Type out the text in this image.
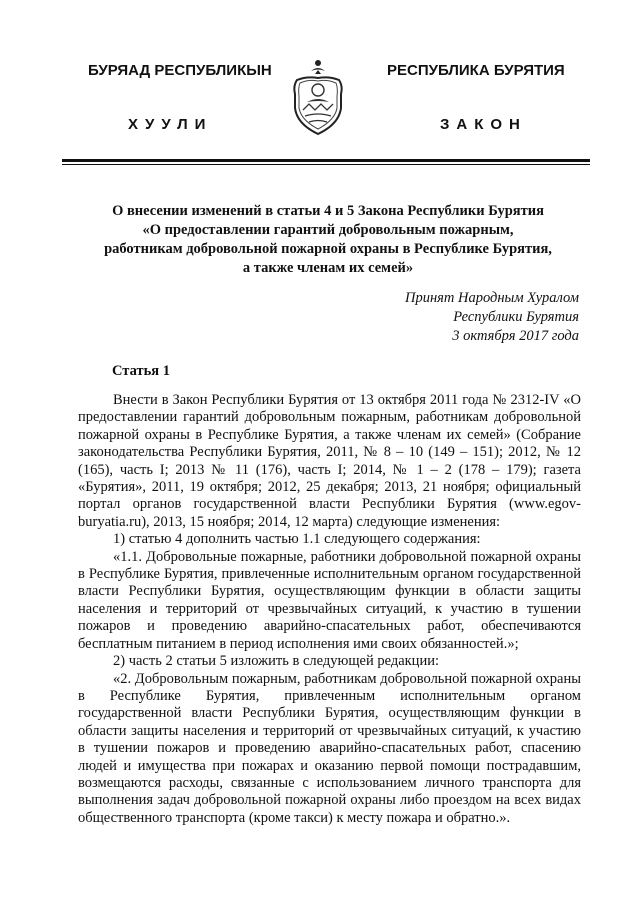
БУРЯАД РЕСПУБЛИКЫН	РЕСПУБЛИКА БУРЯТИЯ
ХУУЛИ	ЗАКОН
О внесении изменений в статьи 4 и 5 Закона Республики Бурятия
«О предоставлении гарантий добровольным пожарным,
работникам добровольной пожарной охраны в Республике Бурятия,
а также членам их семей»
Принят Народным Хуралом
Республики Бурятия
3 октября 2017 года
Статья 1

Внести в Закон Республики Бурятия от 13 октября 2011 года № 2312-IV «О предоставлении гарантий добровольным пожарным, работникам добровольной пожарной охраны в Республике Бурятия, а также членам их семей» (Собрание законодательства Республики Бурятия, 2011, № 8 – 10 (149 – 151); 2012, № 12 (165), часть I; 2013 № 11 (176), часть I; 2014, № 1 – 2 (178 – 179); газета «Бурятия», 2011, 19 октября; 2012, 25 декабря; 2013, 21 ноября; официальный портал органов государственной власти Республики Бурятия (www.egov-buryatia.ru), 2013, 15 ноября; 2014, 12 марта) следующие изменения:

1) статью 4 дополнить частью 1.1 следующего содержания:

«1.1. Добровольные пожарные, работники добровольной пожарной охраны в Республике Бурятия, привлеченные исполнительным органом государственной власти Республики Бурятия, осуществляющим функции в области защиты населения и территорий от чрезвычайных ситуаций, к участию в тушении пожаров и проведению аварийно-спасательных работ, обеспечиваются бесплатным питанием в период исполнения ими своих обязанностей.»;

2) часть 2 статьи 5 изложить в следующей редакции:

«2. Добровольным пожарным, работникам добровольной пожарной охраны в Республике Бурятия, привлеченным исполнительным органом государственной власти Республики Бурятия, осуществляющим функции в области защиты населения и территорий от чрезвычайных ситуаций, к участию в тушении пожаров и проведению аварийно-спасательных работ, спасению людей и имущества при пожарах и оказанию первой помощи пострадавшим, возмещаются расходы, связанные с использованием личного транспорта для выполнения задач добровольной пожарной охраны либо проездом на всех видах общественного транспорта (кроме такси) к месту пожара и обратно.».
